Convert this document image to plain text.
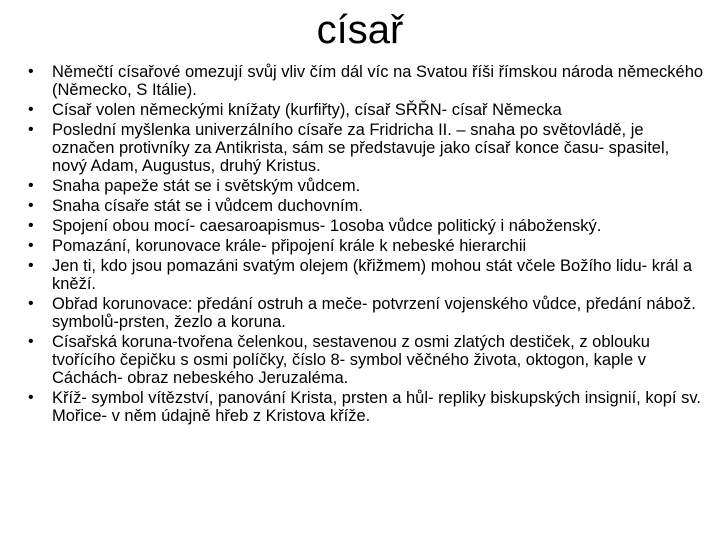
císař
• Němečtí císařové omezují svůj vliv čím dál víc na Svatou říši římskou národa německého (Německo, S Itálie).
• Císař volen německými knížaty (kurfiřty), císař SŘŘN- císař Německa
• Poslední myšlenka univerzálního císaře za Fridricha II. – snaha po světovládě, je označen protivníky za Antikrista, sám se představuje jako císař konce času- spasitel, nový Adam, Augustus, druhý Kristus.
• Snaha papeže stát se i světským vůdcem.
• Snaha císaře stát se i vůdcem duchovním.
• Spojení obou mocí- caesaroapismus- 1osoba vůdce politický i náboženský.
• Pomazání, korunovace krále- připojení krále k nebeské hierarchii
• Jen ti, kdo jsou pomazáni svatým olejem (křižmem) mohou stát včele Božího lidu- král a kněží.
• Obřad korunovace: předání ostruh a meče- potvrzení vojenského vůdce, předání nábož. symbolů-prsten, žezlo a koruna.
• Císařská koruna-tvořena čelenkou, sestavenou z osmi zlatých destiček, z oblouku tvořícího čepičku s osmi políčky, číslo 8- symbol věčného života, oktogon, kaple v Cáchách- obraz nebeského Jeruzaléma.
• Kříž- symbol vítězství, panování Krista, prsten a hůl- repliky biskupských insignií, kopí sv. Mořice- v něm údajně hřeb z Kristova kříže.
